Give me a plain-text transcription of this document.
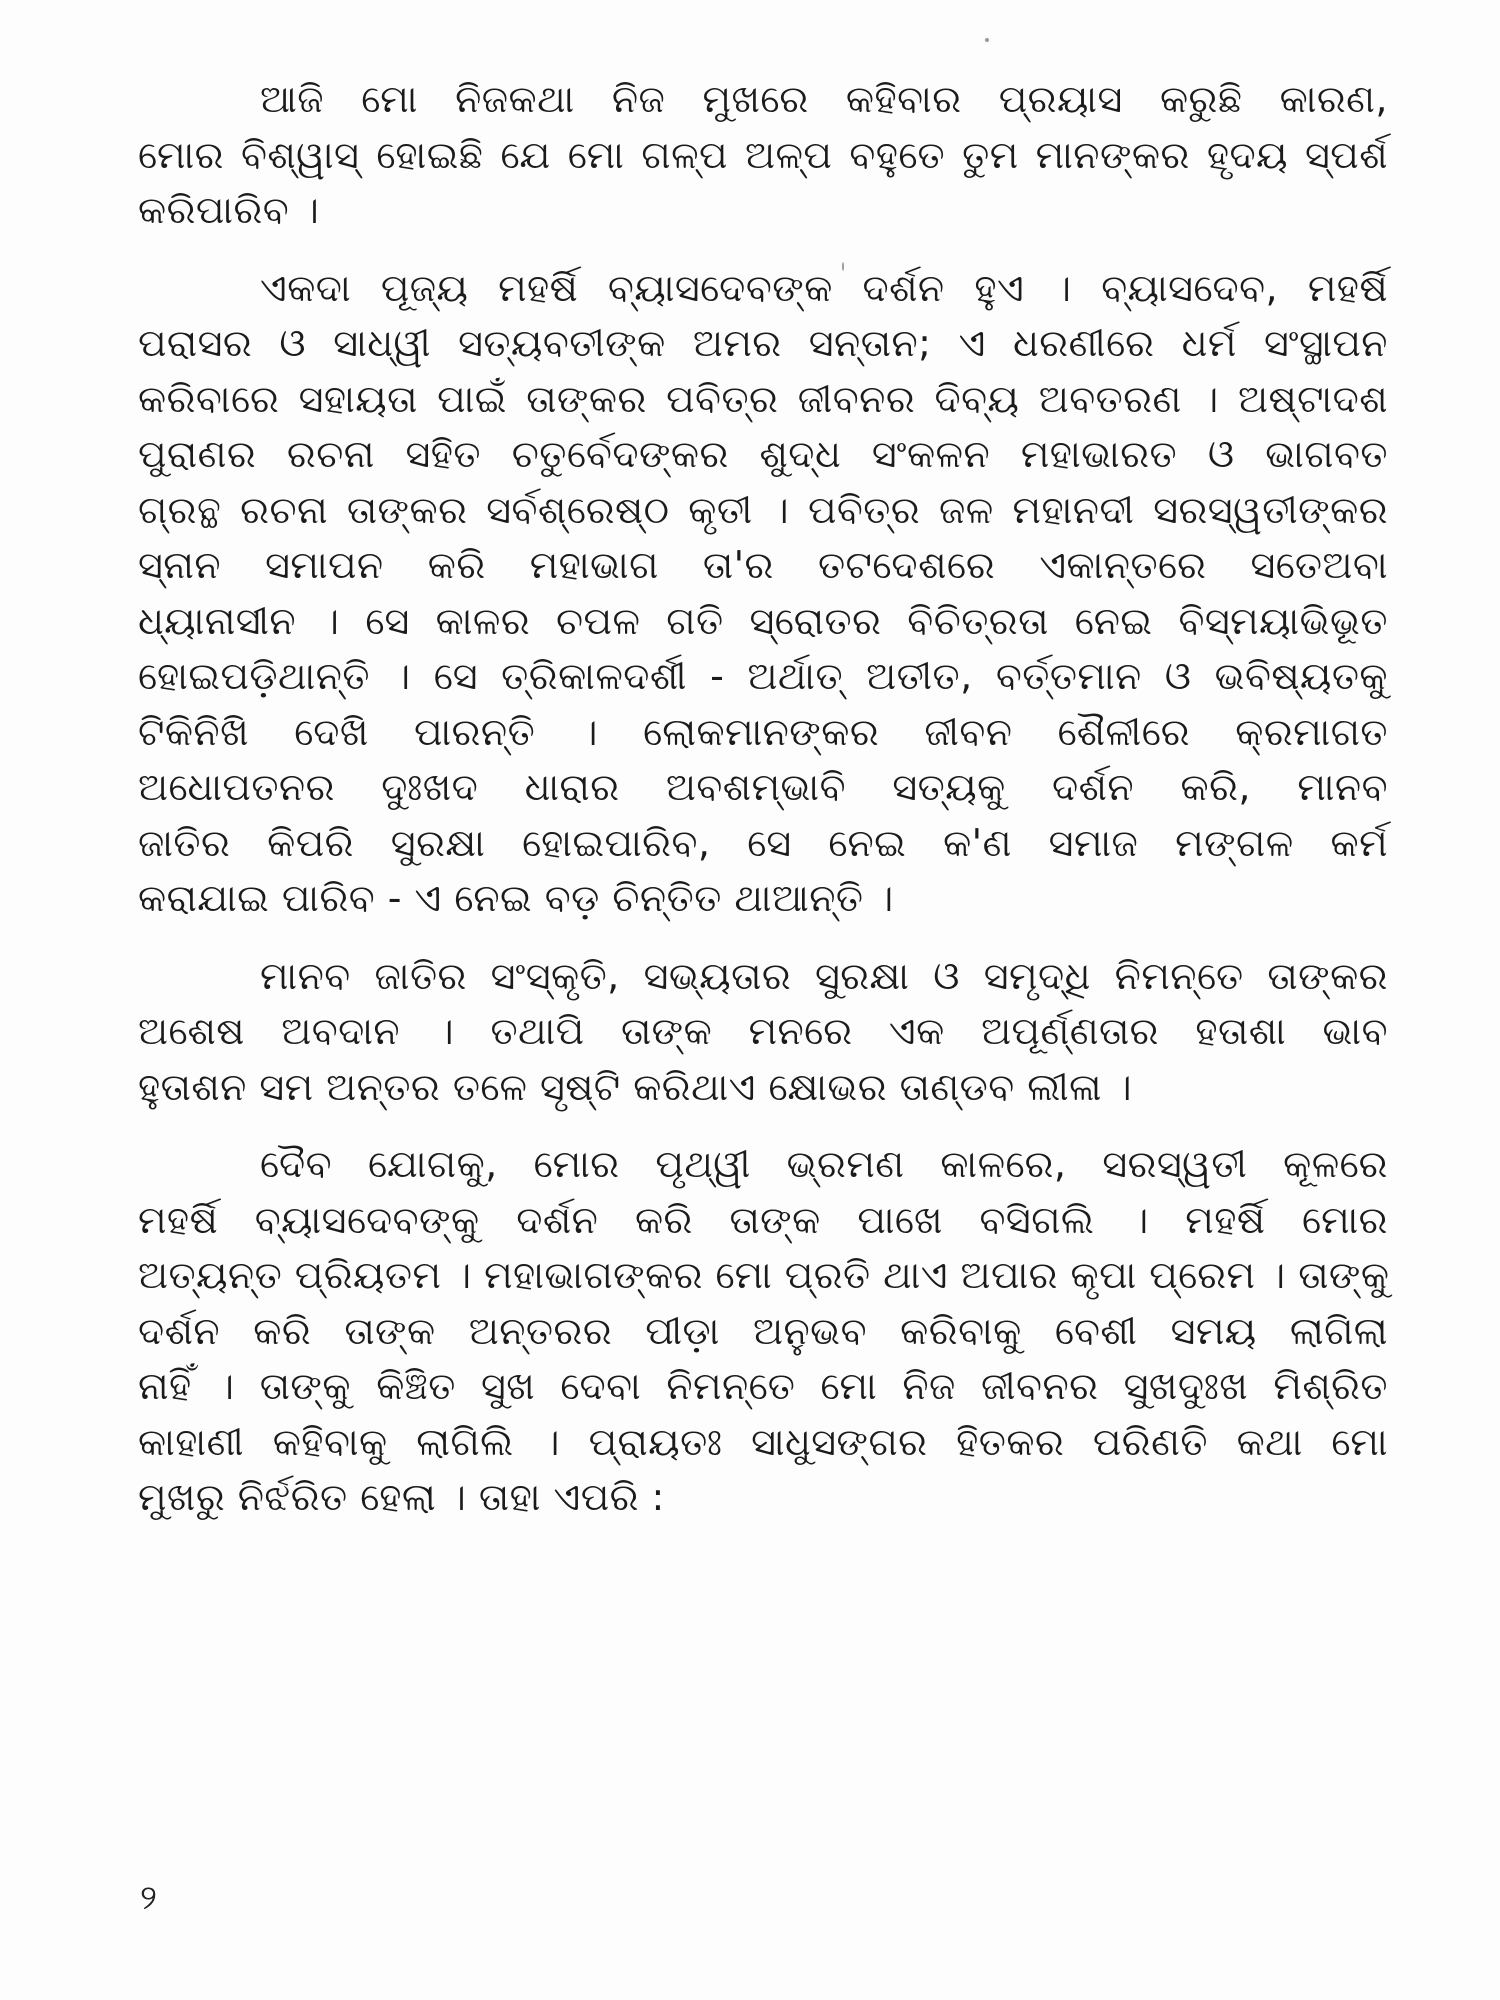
ଆଜି ମୋ ନିଜକଥା ନିଜ ମୁଖରେ କହିବାର ପ୍ରୟାସ କରୁଛି କାରଣ,
ମୋର ବିଶ୍ୱାସ୍ ହୋଇଛି ଯେ ମୋ ଗଳ୍ପ ଅଳ୍ପ ବହୁତେ ତୁମ ମାନଙ୍କର ହୃଦୟ ସ୍ପର୍ଶ
କରିପାରିବ ।
ଏକଦା ପୂଜ୍ୟ ମହର୍ଷି ବ୍ୟାସଦେବଙ୍କ ଦର୍ଶନ ହୁଏ । ବ୍ୟାସଦେବ, ମହର୍ଷି
ପରାସର ଓ ସାଧ୍ୱୀ ସତ୍ୟବତୀଙ୍କ ଅମର ସନ୍ତାନ; ଏ ଧରଣୀରେ ଧର୍ମ ସଂସ୍ଥାପନ
କରିବାରେ ସହାୟତା ପାଇଁ ତାଙ୍କର ପବିତ୍ର ଜୀବନର ଦିବ୍ୟ ଅବତରଣ । ଅଷ୍ଟାଦଶ
ପୁରାଣର ରଚନା ସହିତ ଚତୁର୍ବେଦଙ୍କର ଶୁଦ୍ଧ ସଂକଳନ ମହାଭାରତ ଓ ଭାଗବତ
ଗ୍ରନ୍ଥ ରଚନା ତାଙ୍କର ସର୍ବଶ୍ରେଷ୍ଠ କୃତୀ । ପବିତ୍ର ଜଳ ମହାନଦୀ ସରସ୍ୱତୀଙ୍କର
ସ୍ନାନ ସମାପନ କରି ମହାଭାଗ ତା'ର ତଟଦେଶରେ ଏକାନ୍ତରେ ସତେଅବା
ଧ୍ୟାନାସୀନ । ସେ କାଳର ଚପଳ ଗତି ସ୍ରୋତର ବିଚିତ୍ରତା ନେଇ ବିସ୍ମୟାଭିଭୂତ
ହୋଇପଡ଼ିଥାନ୍ତି । ସେ ତ୍ରିକାଳଦର୍ଶୀ - ଅର୍ଥାତ୍ ଅତୀତ, ବର୍ତ୍ତମାନ ଓ ଭବିଷ୍ୟତକୁ
ଟିକିନିଖି ଦେଖି ପାରନ୍ତି । ଲୋକମାନଙ୍କର ଜୀବନ ଶୈଳୀରେ କ୍ରମାଗତ
ଅଧୋପତନର ଦୁଃଖଦ ଧାରାର ଅବଶମ୍ଭାବି ସତ୍ୟକୁ ଦର୍ଶନ କରି, ମାନବ
ଜାତିର କିପରି ସୁରକ୍ଷା ହୋଇପାରିବ, ସେ ନେଇ କ'ଣ ସମାଜ ମଙ୍ଗଳ କର୍ମ
କରାଯାଇ ପାରିବ - ଏ ନେଇ ବଡ଼ ଚିନ୍ତିତ ଥାଆନ୍ତି ।
ମାନବ ଜାତିର ସଂସ୍କୃତି, ସଭ୍ୟତାର ସୁରକ୍ଷା ଓ ସମୃଦ୍ଧି ନିମନ୍ତେ ତାଙ୍କର
ଅଶେଷ ଅବଦାନ । ତଥାପି ତାଙ୍କ ମନରେ ଏକ ଅପୂର୍ଣ୍ଣତାର ହତାଶା ଭାବ
ହୁତାଶନ ସମ ଅନ୍ତର ତଳେ ସୃଷ୍ଟି କରିଥାଏ କ୍ଷୋଭର ତାଣ୍ଡବ ଲୀଳା ।
ଦୈବ ଯୋଗକୁ, ମୋର ପୃଥ୍ୱୀ ଭ୍ରମଣ କାଳରେ, ସରସ୍ୱତୀ କୂଳରେ
ମହର୍ଷି ବ୍ୟାସଦେବଙ୍କୁ ଦର୍ଶନ କରି ତାଙ୍କ ପାଖେ ବସିଗଲି । ମହର୍ଷି ମୋର
ଅତ୍ୟନ୍ତ ପ୍ରିୟତମ । ମହାଭାଗଙ୍କର ମୋ ପ୍ରତି ଥାଏ ଅପାର କୃପା ପ୍ରେମ । ତାଙ୍କୁ
ଦର୍ଶନ କରି ତାଙ୍କ ଅନ୍ତରର ପୀଡ଼ା ଅନୁଭବ କରିବାକୁ ବେଶୀ ସମୟ ଲାଗିଲା
ନାହିଁ । ତାଙ୍କୁ କିଞ୍ଚିତ ସୁଖ ଦେବା ନିମନ୍ତେ ମୋ ନିଜ ଜୀବନର ସୁଖଦୁଃଖ ମିଶ୍ରିତ
କାହାଣୀ କହିବାକୁ ଲାଗିଲି । ପ୍ରାୟତଃ ସାଧୁସଙ୍ଗର ହିତକର ପରିଣତି କଥା ମୋ
ମୁଖରୁ ନିର୍ଝରିତ ହେଲା । ତାହା ଏପରି :
୨
